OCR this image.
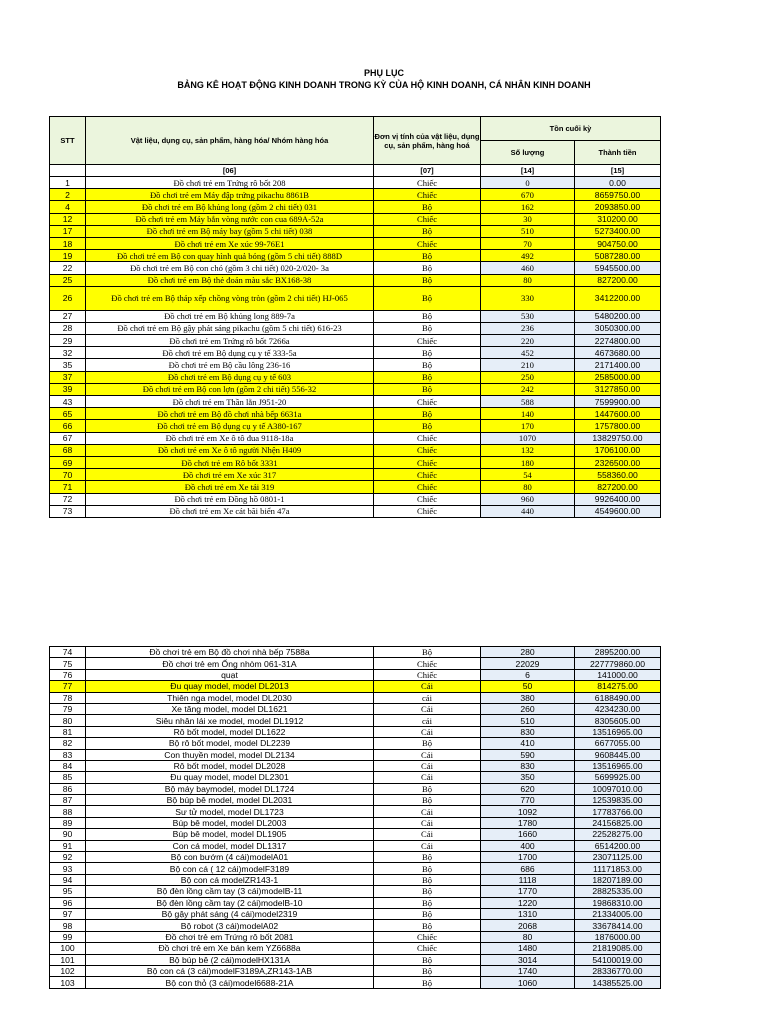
PHỤ LỤC
BẢNG KÊ HOẠT ĐỘNG KINH DOANH TRONG KỲ CỦA HỘ KINH DOANH, CÁ NHÂN KINH DOANH
STT	Vật liệu, dụng cụ, sản phẩm, hàng hóa/ Nhóm hàng hóa	Đơn vị tính của vật liệu, dụng cụ, sản phẩm, hàng hoá	Tồn cuối kỳ	
			Số lượng	Thành tiền
	[06]	[07]	[14]	[15]
1	Đồ chơi trẻ em Trứng rô bốt 208	Chiếc	0	0.00
2	Đồ chơi trẻ em Máy đập trứng pikachu 8861B	Chiếc	670	8659750.00
4	Đồ chơi trẻ em Bộ khủng long (gồm 2 chi tiết) 031	Bộ	162	2093850.00
12	Đồ chơi trẻ em Máy bắn vòng nước con cua 689A-52a	Chiếc	30	310200.00
17	Đồ chơi trẻ em Bộ máy bay (gồm 5 chi tiết) 038	Bộ	510	5273400.00
18	Đồ chơi trẻ em Xe xúc 99-76E1	Chiếc	70	904750.00
19	Đồ chơi trẻ em Bộ con quay hình quả bóng (gồm 5 chi tiết) 888D	Bộ	492	5087280.00
22	Đồ chơi trẻ em Bộ con chó (gồm 3 chi tiết) 020-2/020- 3a	Bộ	460	5945500.00
25	Đồ chơi trẻ em Bộ thẻ đoán màu sắc BX168-38	Bộ	80	827200.00
26	Đồ chơi trẻ em Bộ tháp xếp chồng vòng tròn (gồm 2 chi tiết) HJ-065	Bộ	330	3412200.00
27	Đồ chơi trẻ em Bộ khủng long 889-7a	Bộ	530	5480200.00
28	Đồ chơi trẻ em Bộ gậy phát sáng pikachu (gồm 5 chi tiết) 616-23	Bộ	236	3050300.00
29	Đồ chơi trẻ em Trứng rô bốt 7266a	Chiếc	220	2274800.00
32	Đồ chơi trẻ em Bộ dụng cụ y tế 333-5a	Bộ	452	4673680.00
35	Đồ chơi trẻ em Bộ cầu lông 236-16	Bộ	210	2171400.00
37	Đồ chơi trẻ em Bộ dụng cụ y tế 603	Bộ	250	2585000.00
39	Đồ chơi trẻ em Bộ con lợn (gồm 2 chi tiết) 556-32	Bộ	242	3127850.00
43	Đồ chơi trẻ em Thần lằn J951-20	Chiếc	588	7599900.00
65	Đồ chơi trẻ em Bộ đồ chơi nhà bếp 6631a	Bộ	140	1447600.00
66	Đồ chơi trẻ em Bộ dụng cụ y tế A380-167	Bộ	170	1757800.00
67	Đồ chơi trẻ em Xe ô tô đua 9118-18a	Chiếc	1070	13829750.00
68	Đồ chơi trẻ em Xe ô tô người Nhện H409	Chiếc	132	1706100.00
69	Đồ chơi trẻ em Rô bốt 3331	Chiếc	180	2326500.00
70	Đồ chơi trẻ em Xe xúc 317	Chiếc	54	558360.00
71	Đồ chơi trẻ em Xe tải 319	Chiếc	80	827200.00
72	Đồ chơi trẻ em Đồng hồ 0801-1	Chiếc	960	9926400.00
73	Đồ chơi trẻ em Xe cát bãi biển 47a	Chiếc	440	4549600.00
74	Đồ chơi trẻ em Bộ đồ chơi nhà bếp 7588a	Bộ	280	2895200.00
75	Đồ chơi trẻ em Ống nhòm 061-31A	Chiếc	22029	227779860.00
76	quạt	Chiếc	6	141000.00
77	Đu quay model, model DL2013	Cái	50	814275.00
78	Thiên nga model, model DL2030	cái	380	6188490.00
79	Xe tăng model, model DL1621	Cái	260	4234230.00
80	Siêu nhân lái xe model, model DL1912	cái	510	8305605.00
81	Rô bốt model, model DL1622	Cái	830	13516965.00
82	Bộ rô bốt model, model DL2239	Bộ	410	6677055.00
83	Con thuyền model, model DL2134	Cái	590	9608445.00
84	Rô bốt model, model DL2028	Cái	830	13516965.00
85	Đu quay model, model DL2301	Cái	350	5699925.00
86	Bộ máy baymodel, model DL1724	Bộ	620	10097010.00
87	Bộ búp bê model, model DL2031	Bộ	770	12539835.00
88	Sư tử model, model DL1723	Cái	1092	17783766.00
89	Búp bê model, model DL2003	Cái	1780	24156825.00
90	Búp bê model, model DL1905	Cái	1660	22528275.00
91	Con cá model, model DL1317	Cái	400	6514200.00
92	Bộ con bướm (4 cái)modelA01	Bộ	1700	23071125.00
93	Bộ con cá ( 12 cái)modelF3189	Bộ	686	11171853.00
94	Bộ con cá modelZR143-1	Bộ	1118	18207189.00
95	Bộ đèn lồng cầm tay (3 cái)modelB-11	Bộ	1770	28825335.00
96	Bộ đèn lồng cầm tay (2 cái)modelB-10	Bộ	1220	19868310.00
97	Bộ gậy phát sáng (4 cái)model2319	Bộ	1310	21334005.00
98	Bộ robot (3 cái)modelA02	Bộ	2068	33678414.00
99	Đồ chơi trẻ em Trứng rô bốt 2081	Chiếc	80	1876000.00
100	Đồ chơi trẻ em Xe bán kem YZ6688a	Chiếc	1480	21819085.00
101	Bộ búp bê (2 cái)modelHX131A	Bộ	3014	54100019.00
102	Bộ con cá (3 cái)modelF3189A,ZR143-1AB	Bộ	1740	28336770.00
103	Bộ con thỏ (3 cái)model6688-21A	Bộ	1060	14385525.00
